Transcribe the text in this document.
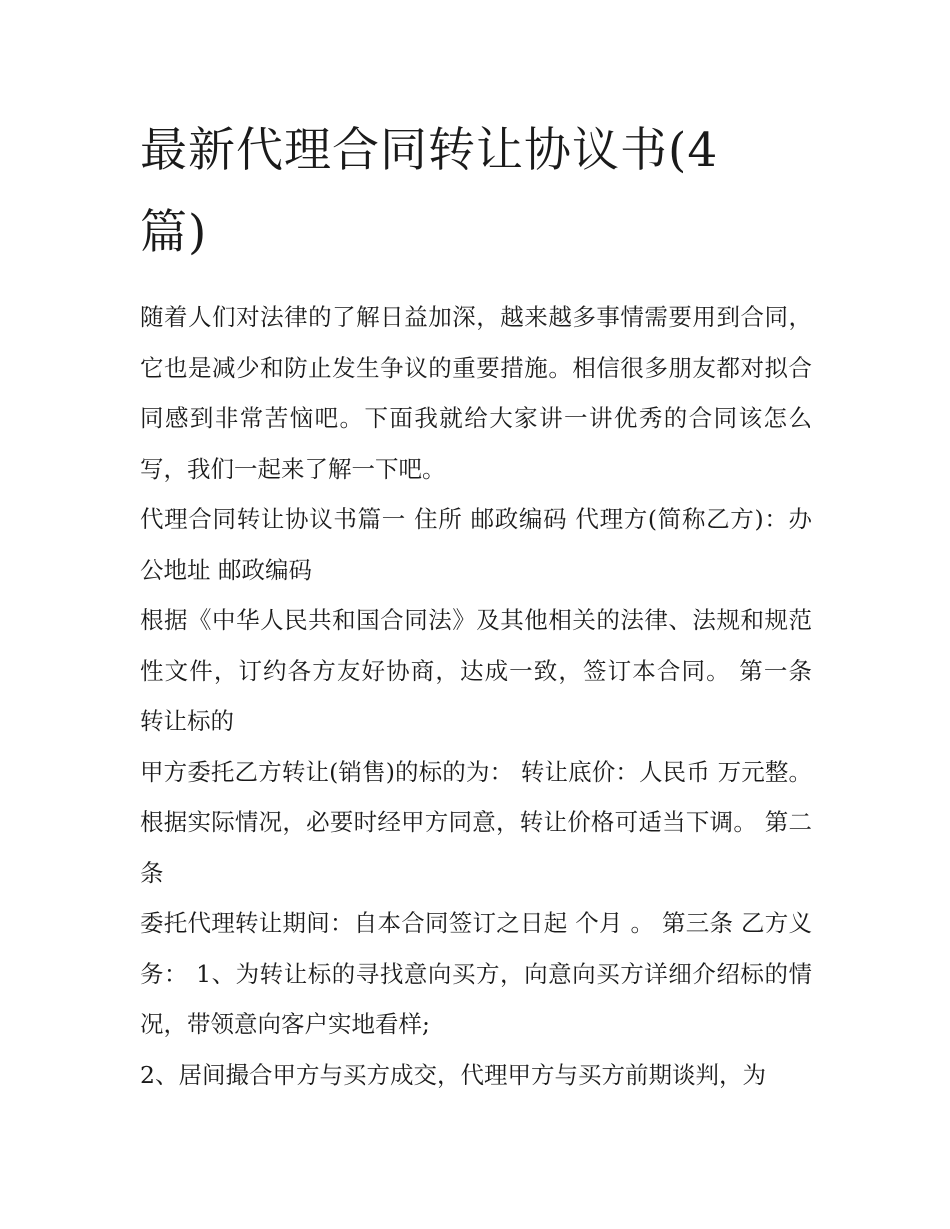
最新代理合同转让协议书(4篇)

随着人们对法律的了解日益加深，越来越多事情需要用到合同，它也是减少和防止发生争议的重要措施。相信很多朋友都对拟合同感到非常苦恼吧。下面我就给大家讲一讲优秀的合同该怎么写，我们一起来了解一下吧。

代理合同转让协议书篇一 住所 邮政编码 代理方(简称乙方)：办公地址 邮政编码

根据《中华人民共和国合同法》及其他相关的法律、法规和规范性文件，订约各方友好协商，达成一致，签订本合同。 第一条 转让标的

甲方委托乙方转让(销售)的标的为： 转让底价：人民币 万元整。根据实际情况，必要时经甲方同意，转让价格可适当下调。 第二条

委托代理转让期间：自本合同签订之日起 个月 。 第三条 乙方义务： 1、为转让标的寻找意向买方，向意向买方详细介绍标的情况，带领意向客户实地看样;

2、居间撮合甲方与买方成交，代理甲方与买方前期谈判，为
